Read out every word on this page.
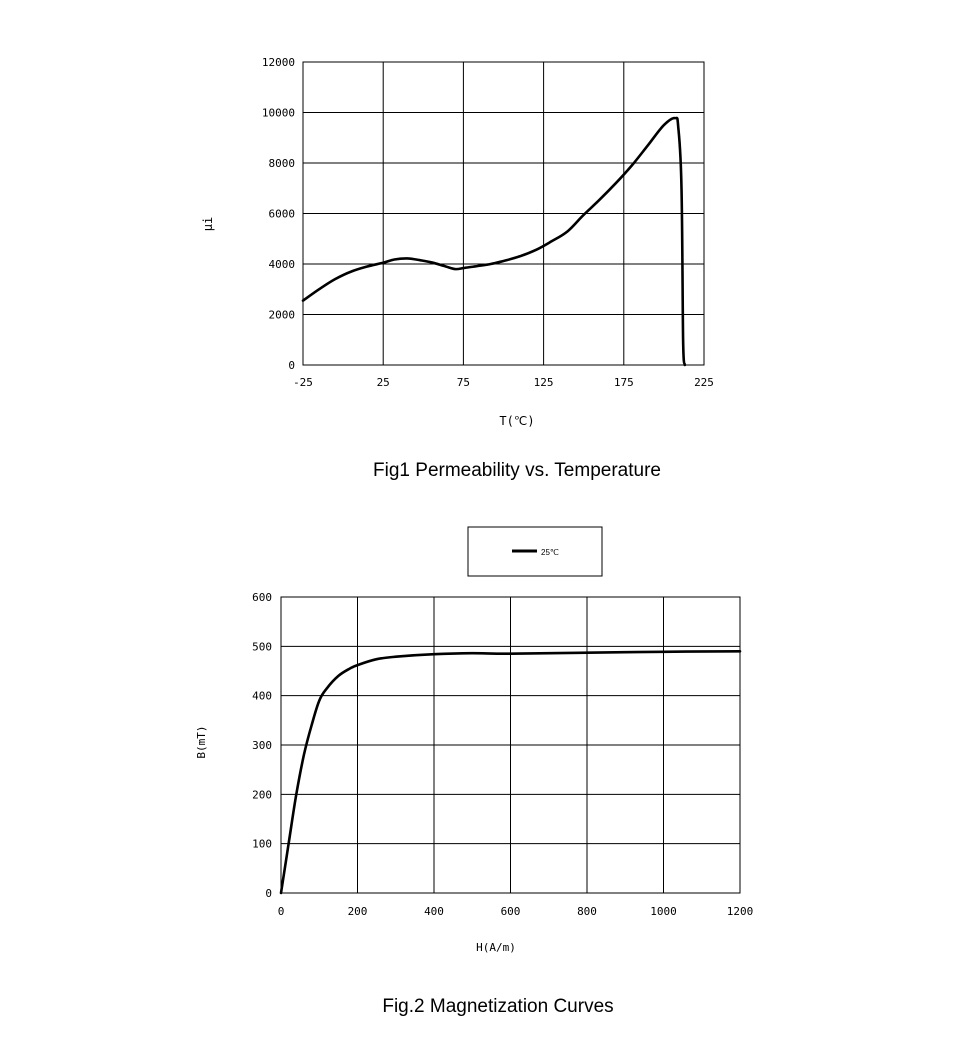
-25	25	75	125	175	225
0
2000
4000
6000
8000
10000
12000
μi
T(℃)
Fig1 Permeability vs. Temperature
25℃
0	200	400	600	800	1000	1200
0
100
200
300
400
500
600
B(mT)
H(A/m)
Fig.2 Magnetization Curves
